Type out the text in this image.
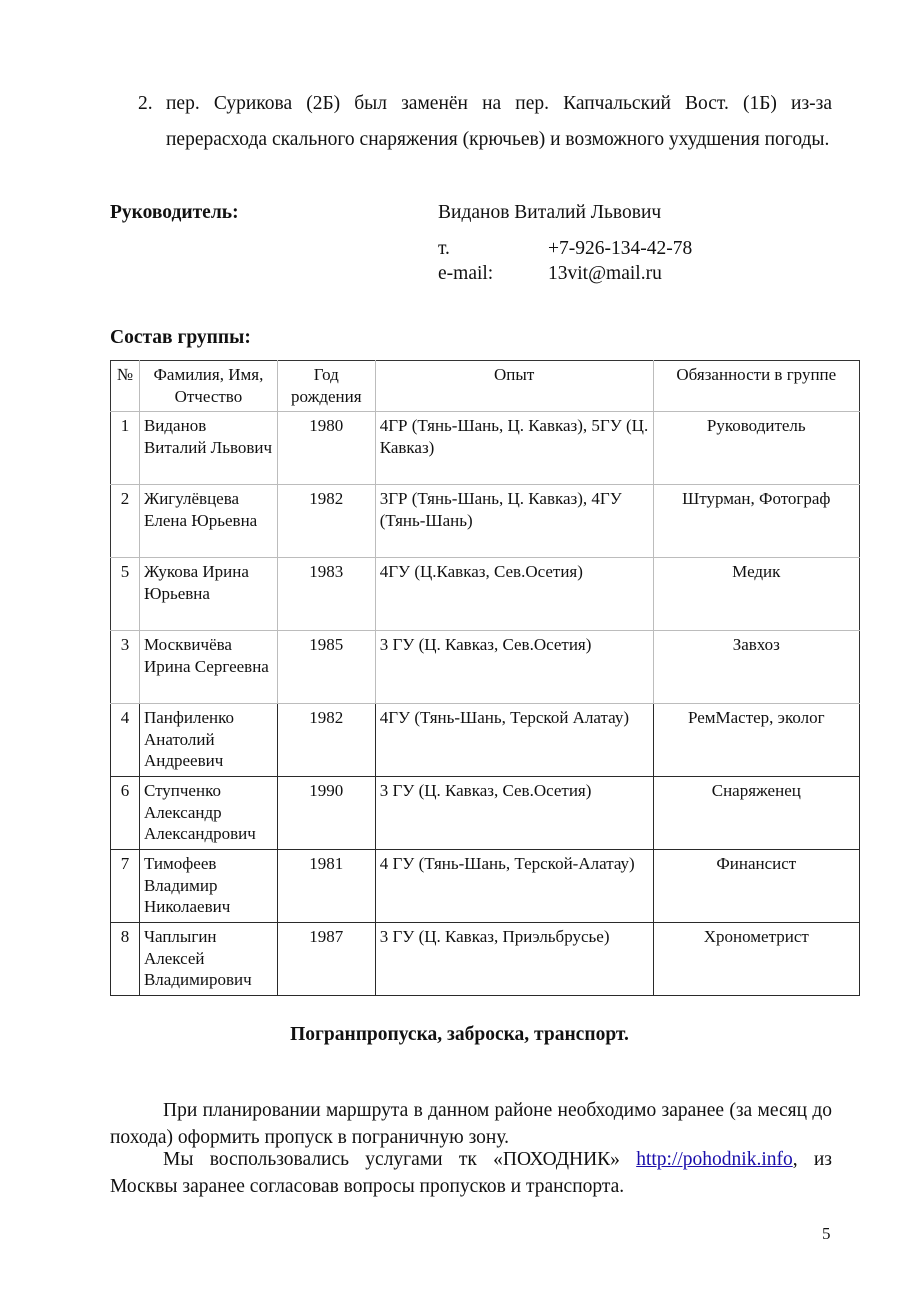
2. пер. Сурикова (2Б) был заменён на пер. Капчальский Вост. (1Б) из-за перерасхода скального снаряжения (крючьев) и возможного ухудшения погоды.
Руководитель:	Виданов Виталий Львович
т.	+7-926-134-42-78
e-mail:	13vit@mail.ru
Состав группы:
№	Фамилия, Имя, Отчество	Год рождения	Опыт	Обязанности в группе
1	Виданов Виталий Львович	1980	4ГР (Тянь-Шань, Ц. Кавказ), 5ГУ (Ц. Кавказ)	Руководитель
2	Жигулёвцева Елена Юрьевна	1982	3ГР (Тянь-Шань, Ц. Кавказ), 4ГУ (Тянь-Шань)	Штурман, Фотограф
5	Жукова Ирина Юрьевна	1983	4ГУ (Ц.Кавказ, Сев.Осетия)	Медик
3	Москвичёва Ирина Сергеевна	1985	3 ГУ (Ц. Кавказ, Сев.Осетия)	Завхоз
4	Панфиленко Анатолий Андреевич	1982	4ГУ (Тянь-Шань, Терской Алатау)	РемМастер, эколог
6	Ступченко Александр Александрович	1990	3 ГУ (Ц. Кавказ, Сев.Осетия)	Снаряженец
7	Тимофеев Владимир Николаевич	1981	4 ГУ (Тянь-Шань, Терской-Алатау)	Финансист
8	Чаплыгин Алексей Владимирович	1987	3 ГУ (Ц. Кавказ, Приэльбрусье)	Хронометрист
Погранпропуска, заброска, транспорт.
При планировании маршрута в данном районе необходимо заранее (за месяц до похода) оформить пропуск в пограничную зону.
Мы воспользовались услугами тк «ПОХОДНИК» http://pohodnik.info, из Москвы заранее согласовав вопросы пропусков и транспорта.
5
